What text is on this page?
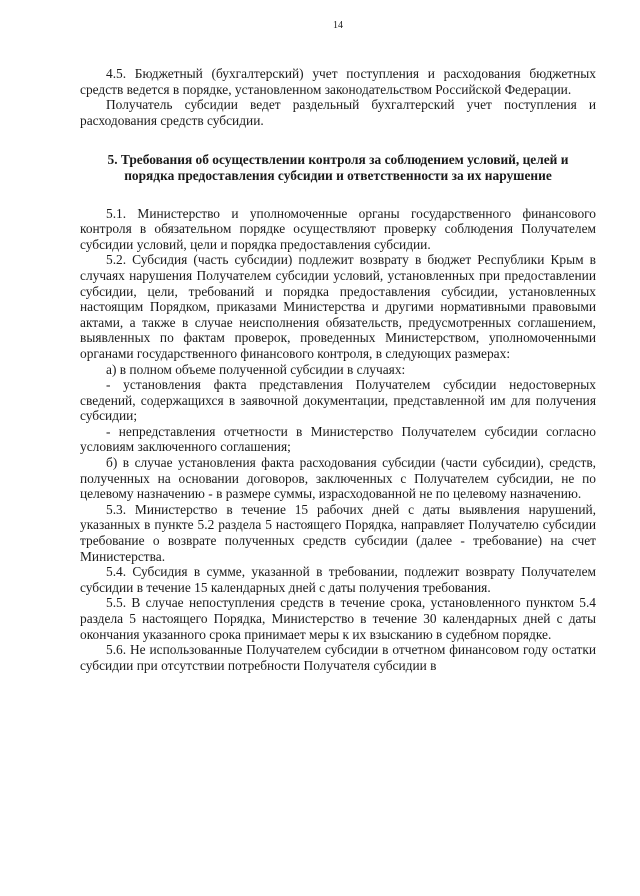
14

4.5. Бюджетный (бухгалтерский) учет поступления и расходования бюджетных средств ведется в порядке, установленном законодательством Российской Федерации.

Получатель субсидии ведет раздельный бухгалтерский учет поступления и расходования средств субсидии.

5. Требования об осуществлении контроля за соблюдением условий, целей и порядка предоставления субсидии и ответственности за их нарушение

5.1. Министерство и уполномоченные органы государственного финансового контроля в обязательном порядке осуществляют проверку соблюдения Получателем субсидии условий, цели и порядка предоставления субсидии.

5.2. Субсидия (часть субсидии) подлежит возврату в бюджет Республики Крым в случаях нарушения Получателем субсидии условий, установленных при предоставлении субсидии, цели, требований и порядка предоставления субсидии, установленных настоящим Порядком, приказами Министерства и другими нормативными правовыми актами, а также в случае неисполнения обязательств, предусмотренных соглашением, выявленных по фактам проверок, проведенных Министерством, уполномоченными органами государственного финансового контроля, в следующих размерах:

а) в полном объеме полученной субсидии в случаях:

- установления факта представления Получателем субсидии недостоверных сведений, содержащихся в заявочной документации, представленной им для получения субсидии;

- непредставления отчетности в Министерство Получателем субсидии согласно условиям заключенного соглашения;

б) в случае установления факта расходования субсидии (части субсидии), средств, полученных на основании договоров, заключенных с Получателем субсидии, не по целевому назначению - в размере суммы, израсходованной не по целевому назначению.

5.3. Министерство в течение 15 рабочих дней с даты выявления нарушений, указанных в пункте 5.2 раздела 5 настоящего Порядка, направляет Получателю субсидии требование о возврате полученных средств субсидии (далее - требование) на счет Министерства.

5.4. Субсидия в сумме, указанной в требовании, подлежит возврату Получателем субсидии в течение 15 календарных дней с даты получения требования.

5.5. В случае непоступления средств в течение срока, установленного пунктом 5.4 раздела 5 настоящего Порядка, Министерство в течение 30 календарных дней с даты окончания указанного срока принимает меры к их взысканию в судебном порядке.

5.6. Не использованные Получателем субсидии в отчетном финансовом году остатки субсидии при отсутствии потребности Получателя субсидии в
